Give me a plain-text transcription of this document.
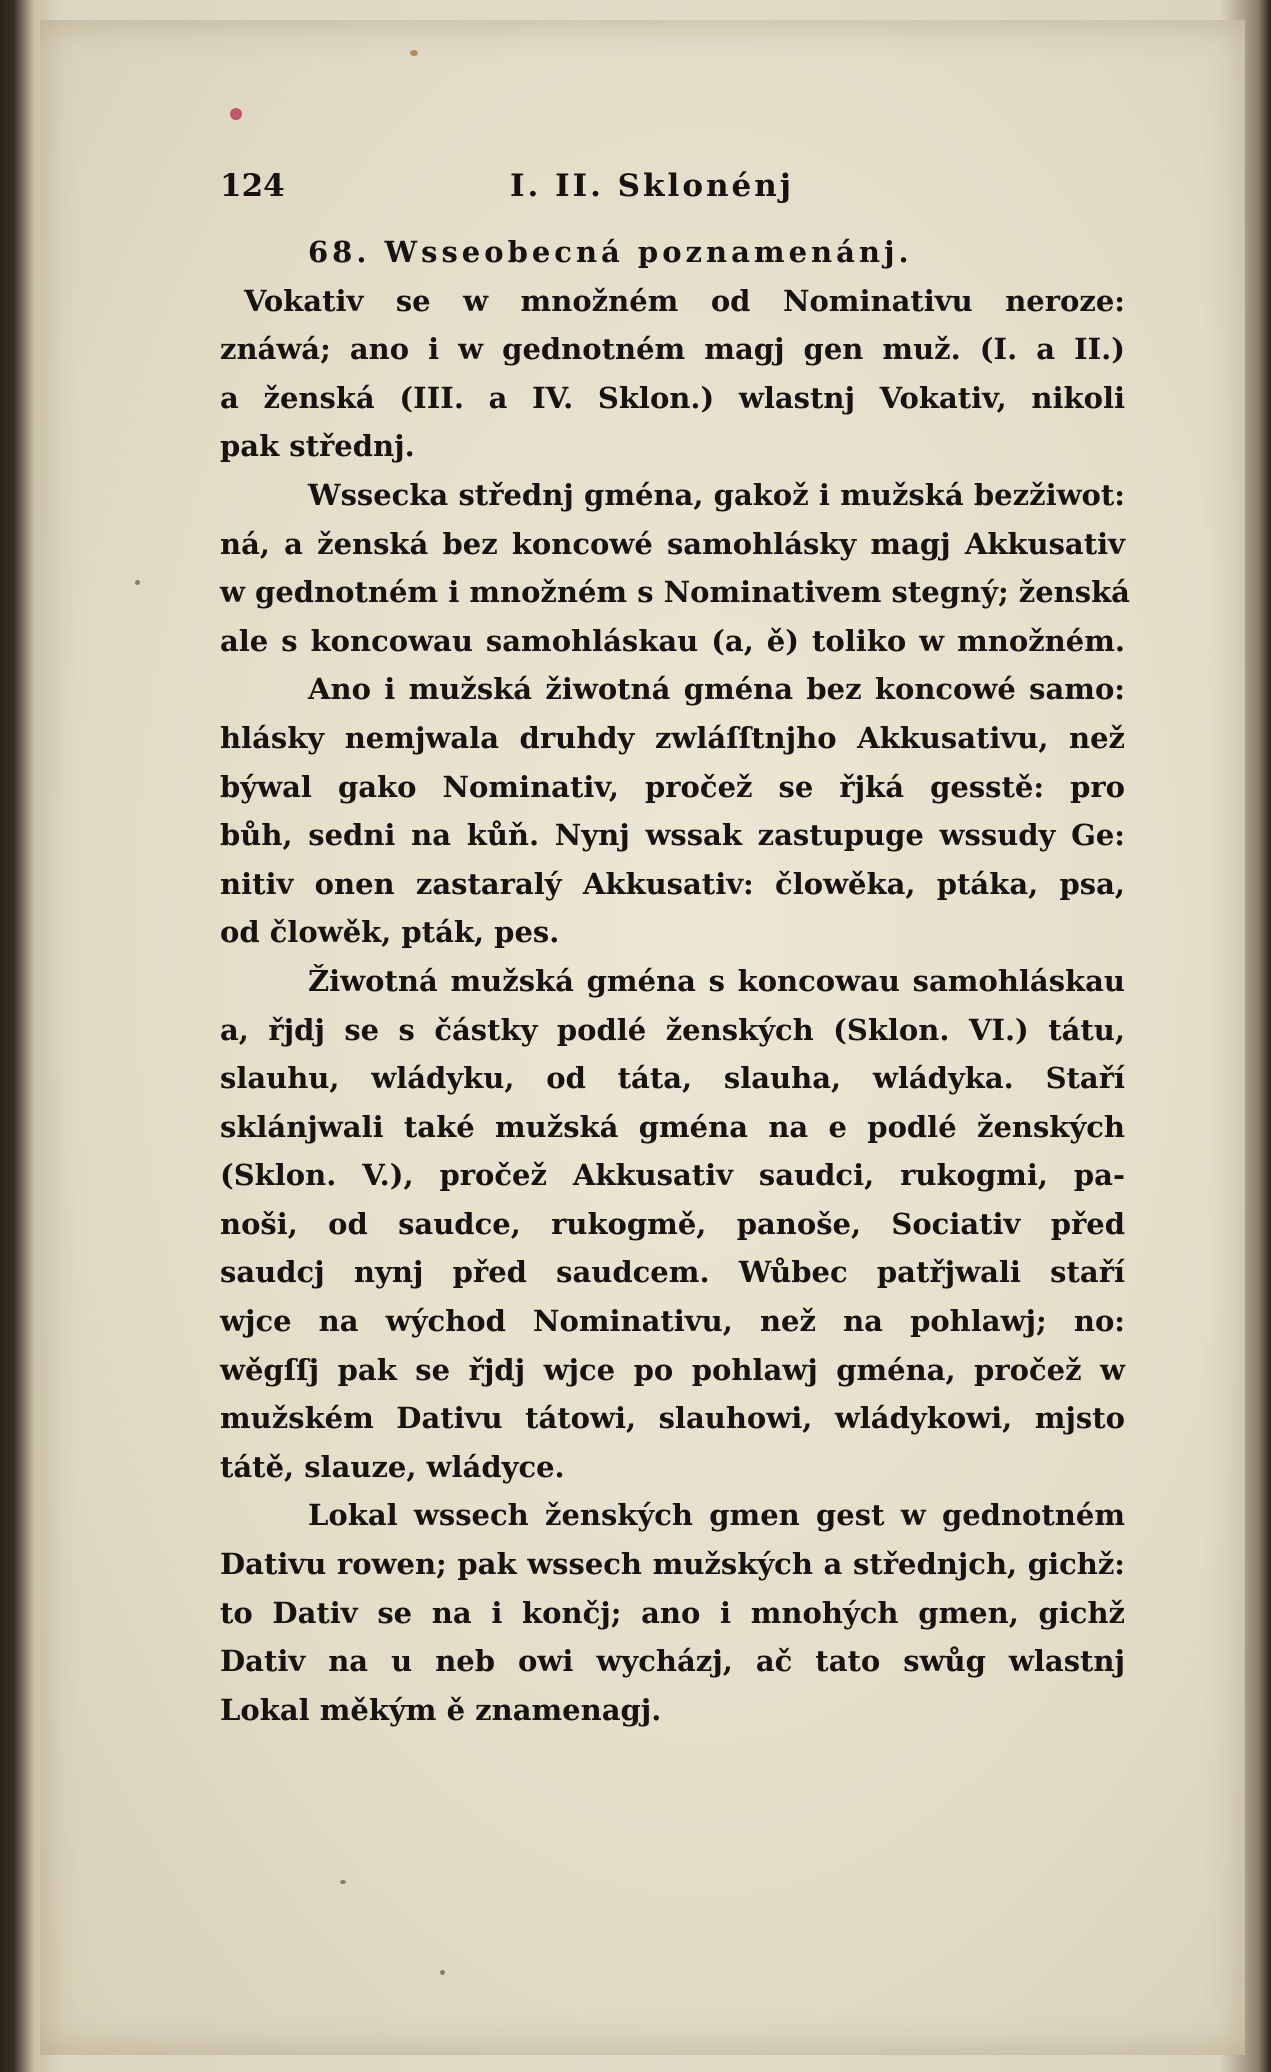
124	I. II. Sklonénj
68. Wsseobecná poznamenánj.
Vokativ se w množném od Nominativu neroze:
znáwá; ano i w gednotném magj gen muž. (I. a II.)
a ženská (III. a IV. Sklon.) wlastnj Vokativ, nikoli
pak střednj.
Wssecka střednj gména, gakož i mužská bezžiwot:
ná, a ženská bez koncowé samohlásky magj Akkusativ
w gednotném i množném s Nominativem stegný; ženská
ale s koncowau samohláskau (a, ě) toliko w množném.
Ano i mužská žiwotná gména bez koncowé samo:
hlásky nemjwala druhdy zwláſſtnjho Akkusativu, než
býwal gako Nominativ, pročež se řjká gesstě: pro
bůh, sedni na kůň. Nynj wssak zastupuge wssudy Ge:
nitiv onen zastaralý Akkusativ: člowěka, ptáka, psa,
od člowěk, pták, pes.
Žiwotná mužská gména s koncowau samohláskau
a, řjdj se s částky podlé ženských (Sklon. VI.) tátu,
slauhu, wládyku, od táta, slauha, wládyka. Staří
sklánjwali také mužská gména na e podlé ženských
(Sklon. V.), pročež Akkusativ saudci, rukogmi, pa-
noši, od saudce, rukogmě, panoše, Sociativ před
saudcj nynj před saudcem. Wůbec patřjwali staří
wjce na wýchod Nominativu, než na pohlawj; no:
wěgſſj pak se řjdj wjce po pohlawj gména, pročež w
mužském Dativu tátowi, slauhowi, wládykowi, mjsto
tátě, slauze, wládyce.
Lokal wssech ženských gmen gest w gednotném
Dativu rowen; pak wssech mužských a střednjch, gichž:
to Dativ se na i končj; ano i mnohých gmen, gichž
Dativ na u neb owi wycházj, ač tato swůg wlastnj
Lokal měkým ě znamenagj.
